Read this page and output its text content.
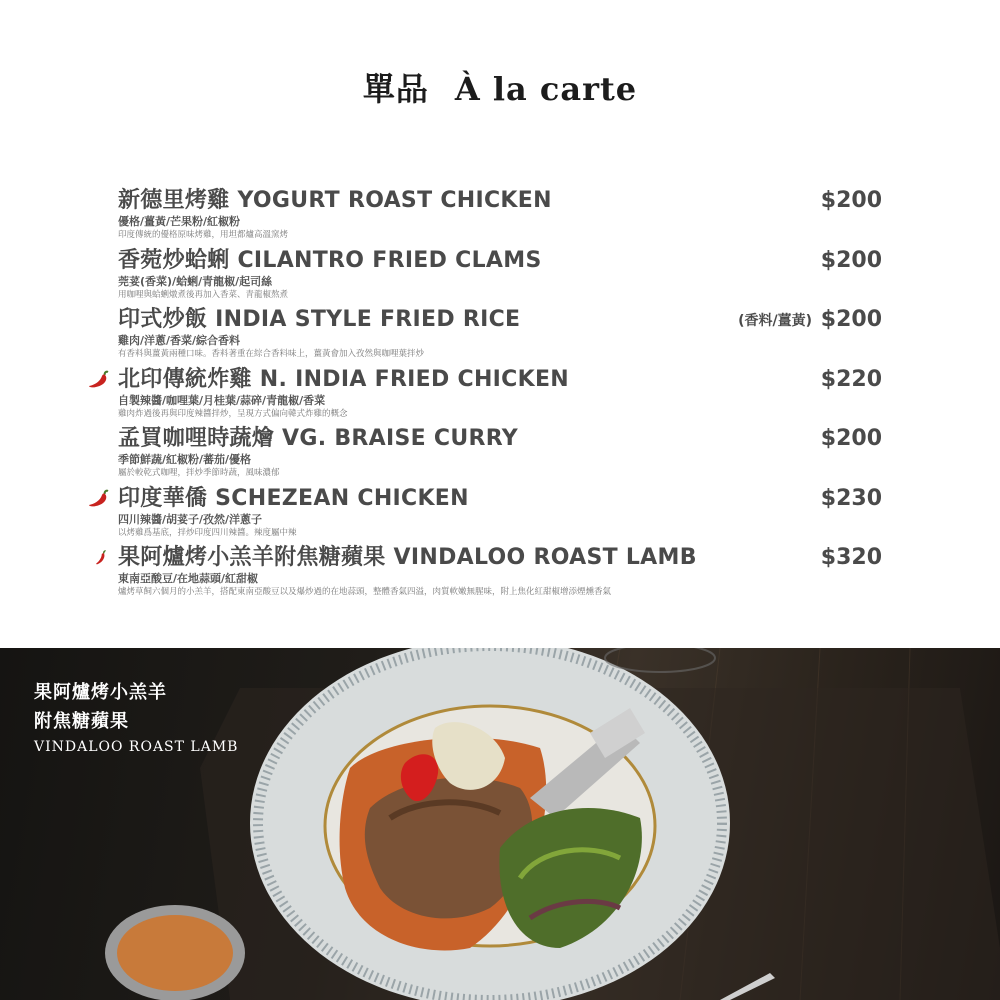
單品 À la carte
新德里烤雞 YOGURT ROAST CHICKEN	$200
優格/薑黃/芒果粉/紅椒粉
印度傳統的優格原味烤雞，用坦都爐高溫窯烤
香菀炒蛤蜊 CILANTRO FRIED CLAMS	$200
莞荽(香菜)/蛤蜊/青龍椒/起司絲
用咖哩與蛤蜊燉煮後再加入香菜、青龍椒熬煮
印式炒飯 INDIA STYLE FRIED RICE	(香料/薑黃) $200
雞肉/洋蔥/香菜/綜合香料
有香料與薑黃兩種口味。香料著重在綜合香料味上，薑黃會加入孜然與咖哩葉拌炒
北印傳統炸雞 N. INDIA FRIED CHICKEN	$220
自製辣醬/咖哩葉/月桂葉/蒜碎/青龍椒/香菜
雞肉炸過後再與印度辣醬拌炒，呈現方式偏向韓式炸雞的概念
孟買咖哩時蔬燴 VG. BRAISE CURRY	$200
季節鮮蔬/紅椒粉/蕃茄/優格
屬於較乾式咖哩，拌炒季節時蔬，風味濃郁
印度華僑 SCHEZEAN CHICKEN	$230
四川辣醬/胡荽子/孜然/洋蔥子
以烤雞爲基底，拌炒印度四川辣醬。辣度屬中辣
果阿爐烤小羔羊附焦糖蘋果 VINDALOO ROAST LAMB	$320
東南亞酸豆/在地蒜頭/紅甜椒
爐烤草飼六個月的小羔羊，搭配東南亞酸豆以及爆炒過的在地蒜頭，整體香氣四溢，肉質軟嫩無腥味，附上焦化紅甜椒增添煙燻香氣
果阿爐烤小羔羊
附焦糖蘋果
VINDALOO ROAST LAMB
